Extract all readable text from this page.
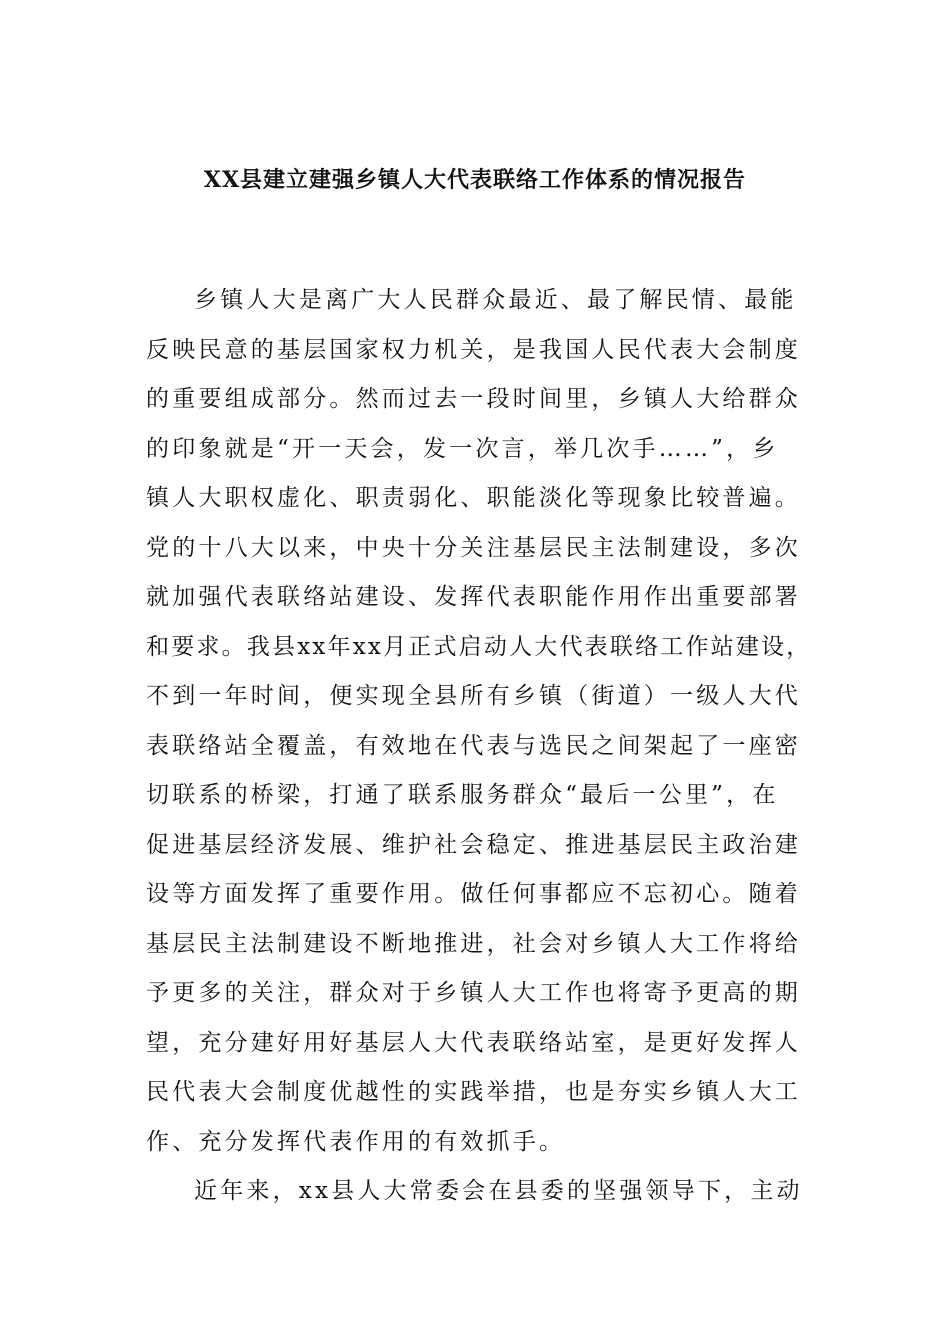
XX县建立建强乡镇人大代表联络工作体系的情况报告
乡镇人大是离广大人民群众最近、最了解民情、最能
反映民意的基层国家权力机关，是我国人民代表大会制度
的重要组成部分。然而过去一段时间里，乡镇人大给群众
的印象就是“开一天会，发一次言，举几次手……”，乡
镇人大职权虚化、职责弱化、职能淡化等现象比较普遍。
党的十八大以来，中央十分关注基层民主法制建设，多次
就加强代表联络站建设、发挥代表职能作用作出重要部署
和要求。我县xx年xx月正式启动人大代表联络工作站建设，
不到一年时间，便实现全县所有乡镇（街道）一级人大代
表联络站全覆盖，有效地在代表与选民之间架起了一座密
切联系的桥梁，打通了联系服务群众“最后一公里”，在
促进基层经济发展、维护社会稳定、推进基层民主政治建
设等方面发挥了重要作用。做任何事都应不忘初心。随着
基层民主法制建设不断地推进，社会对乡镇人大工作将给
予更多的关注，群众对于乡镇人大工作也将寄予更高的期
望，充分建好用好基层人大代表联络站室，是更好发挥人
民代表大会制度优越性的实践举措，也是夯实乡镇人大工
作、充分发挥代表作用的有效抓手。
近年来，xx县人大常委会在县委的坚强领导下，主动
